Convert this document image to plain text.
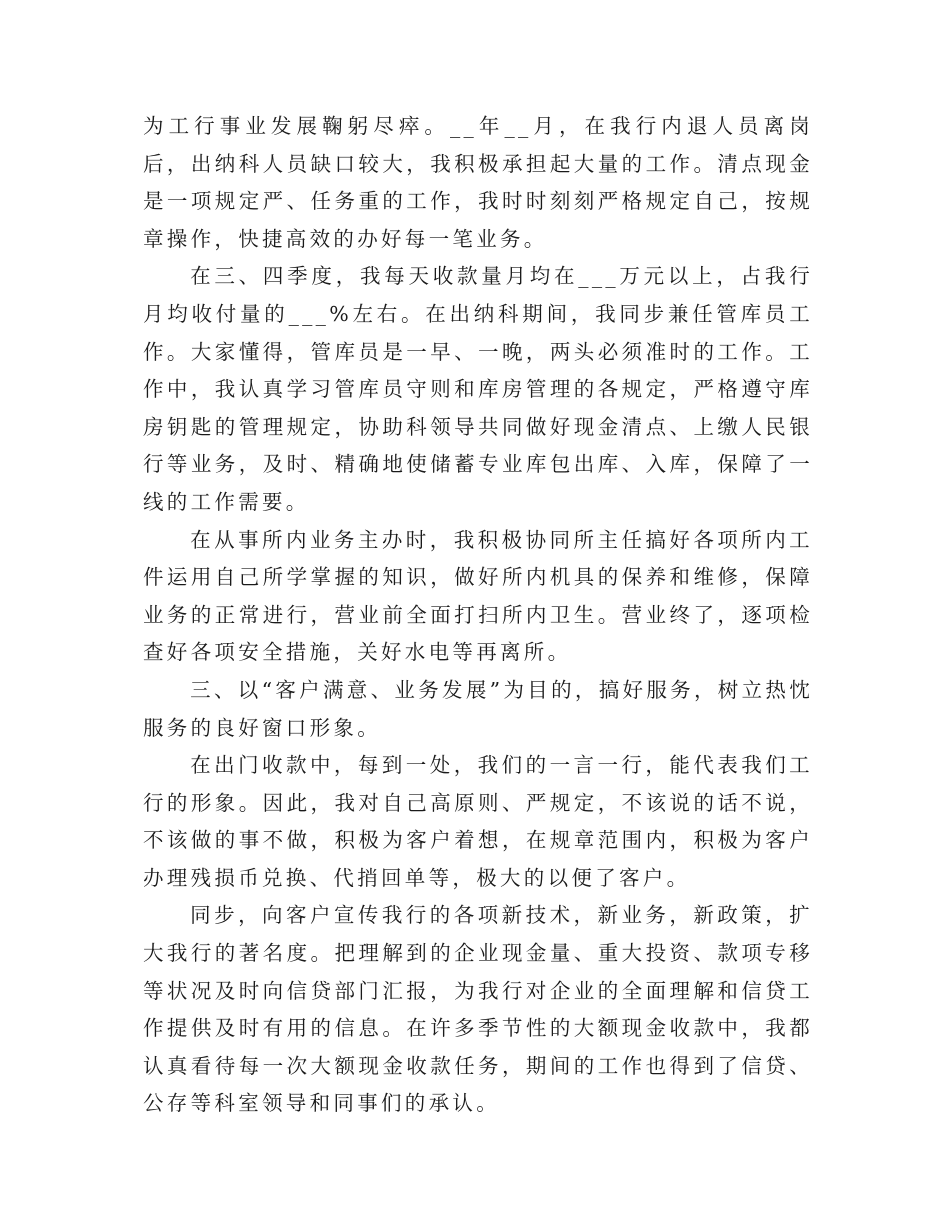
为工行事业发展鞠躬尽瘁。__年__月，在我行内退人员离岗后，出纳科人员缺口较大，我积极承担起大量的工作。清点现金是一项规定严、任务重的工作，我时时刻刻严格规定自己，按规章操作，快捷高效的办好每一笔业务。

在三、四季度，我每天收款量月均在___万元以上，占我行月均收付量的___%左右。在出纳科期间，我同步兼任管库员工作。大家懂得，管库员是一早、一晚，两头必须准时的工作。工作中，我认真学习管库员守则和库房管理的各规定，严格遵守库房钥匙的管理规定，协助科领导共同做好现金清点、上缴人民银行等业务，及时、精确地使储蓄专业库包出库、入库，保障了一线的工作需要。

在从事所内业务主办时，我积极协同所主任搞好各项所内工件运用自己所学掌握的知识，做好所内机具的保养和维修，保障业务的正常进行，营业前全面打扫所内卫生。营业终了，逐项检查好各项安全措施，关好水电等再离所。

三、以“客户满意、业务发展”为目的，搞好服务，树立热忱服务的良好窗口形象。

在出门收款中，每到一处，我们的一言一行，能代表我们工行的形象。因此，我对自己高原则、严规定，不该说的话不说，不该做的事不做，积极为客户着想，在规章范围内，积极为客户办理残损币兑换、代捎回单等，极大的以便了客户。

同步，向客户宣传我行的各项新技术，新业务，新政策，扩大我行的著名度。把理解到的企业现金量、重大投资、款项专移等状况及时向信贷部门汇报，为我行对企业的全面理解和信贷工作提供及时有用的信息。在许多季节性的大额现金收款中，我都认真看待每一次大额现金收款任务，期间的工作也得到了信贷、公存等科室领导和同事们的承认。
